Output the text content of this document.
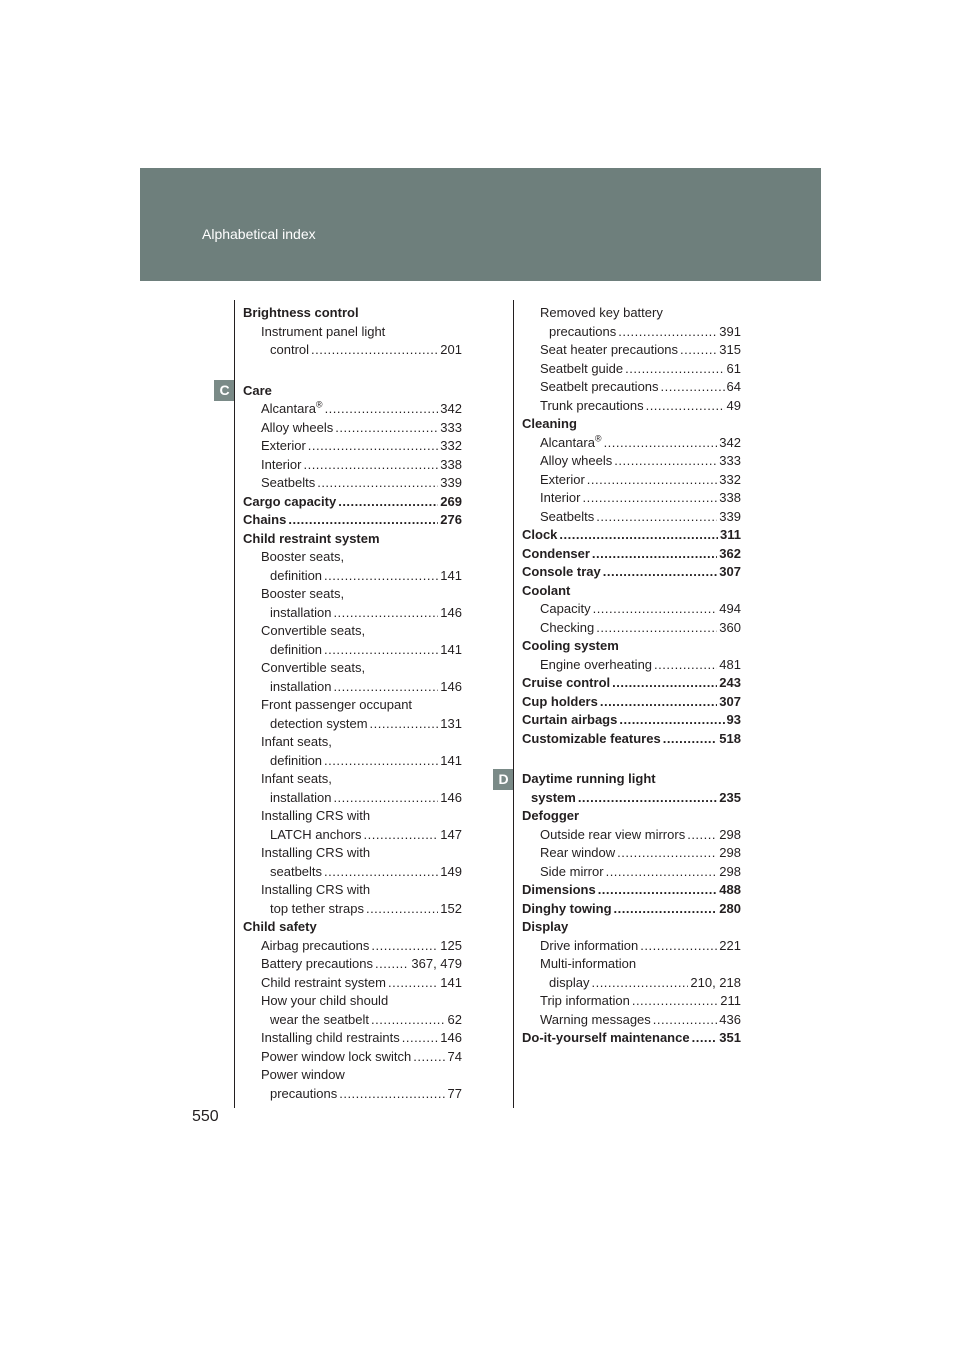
Alphabetical index
C
D
Brightness control
Instrument panel light
control .....	201
Care
Alcantara® .....	342
Alloy wheels .....	333
Exterior .....	332
Interior .....	338
Seatbelts .....	339
Cargo capacity .....	269
Chains .....	276
Child restraint system
Booster seats,
definition .....	141
Booster seats,
installation .....	146
Convertible seats,
definition .....	141
Convertible seats,
installation .....	146
Front passenger occupant
detection system .....	131
Infant seats,
definition .....	141
Infant seats,
installation .....	146
Installing CRS with
LATCH anchors .....	147
Installing CRS with
seatbelts .....	149
Installing CRS with
top tether straps .....	152
Child safety
Airbag precautions .....	125
Battery precautions .....	367, 479
Child restraint system .....	141
How your child should
wear the seatbelt .....	62
Installing child restraints .....	146
Power window lock switch .....	74
Power window
precautions .....	77
Removed key battery
precautions .....	391
Seat heater precautions .....	315
Seatbelt guide .....	61
Seatbelt precautions .....	64
Trunk precautions .....	49
Cleaning
Alcantara® .....	342
Alloy wheels .....	333
Exterior .....	332
Interior .....	338
Seatbelts .....	339
Clock .....	311
Condenser .....	362
Console tray .....	307
Coolant
Capacity .....	494
Checking .....	360
Cooling system
Engine overheating .....	481
Cruise control .....	243
Cup holders .....	307
Curtain airbags .....	93
Customizable features .....	518
Daytime running light
system .....	235
Defogger
Outside rear view mirrors .....	298
Rear window .....	298
Side mirror .....	298
Dimensions .....	488
Dinghy towing .....	280
Display
Drive information .....	221
Multi-information
display .....	210, 218
Trip information .....	211
Warning messages .....	436
Do-it-yourself maintenance ..... 351
550
